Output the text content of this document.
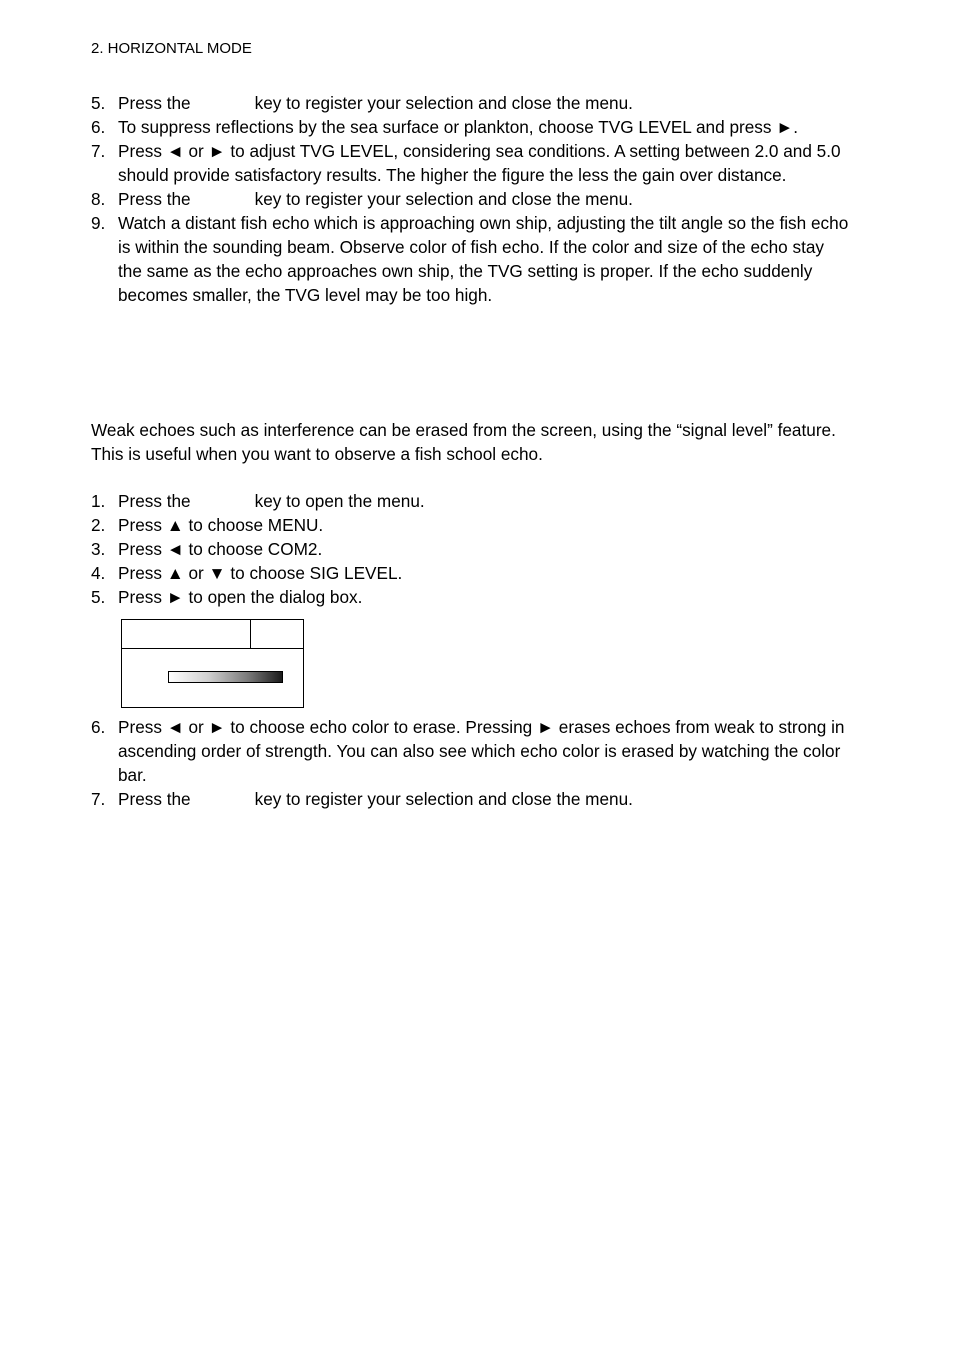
2. HORIZONTAL MODE
5. Press the	key to register your selection and close the menu.
6. To suppress reflections by the sea surface or plankton, choose TVG LEVEL and press ►.
7. Press ◄ or ► to adjust TVG LEVEL, considering sea conditions. A setting between 2.0 and 5.0 should provide satisfactory results. The higher the figure the less the gain over distance.
8. Press the	key to register your selection and close the menu.
9. Watch a distant fish echo which is approaching own ship, adjusting the tilt angle so the fish echo is within the sounding beam. Observe color of fish echo. If the color and size of the echo stay the same as the echo approaches own ship, the TVG setting is proper. If the echo suddenly becomes smaller, the TVG level may be too high.

Weak echoes such as interference can be erased from the screen, using the “signal level” feature. This is useful when you want to observe a fish school echo.

1. Press the	key to open the menu.
2. Press ▲ to choose MENU.
3. Press ◄ to choose COM2.
4. Press ▲ or ▼ to choose SIG LEVEL.
5. Press ► to open the dialog box.
6. Press ◄ or ► to choose echo color to erase. Pressing ► erases echoes from weak to strong in ascending order of strength. You can also see which echo color is erased by watching the color bar.
7. Press the	key to register your selection and close the menu.
